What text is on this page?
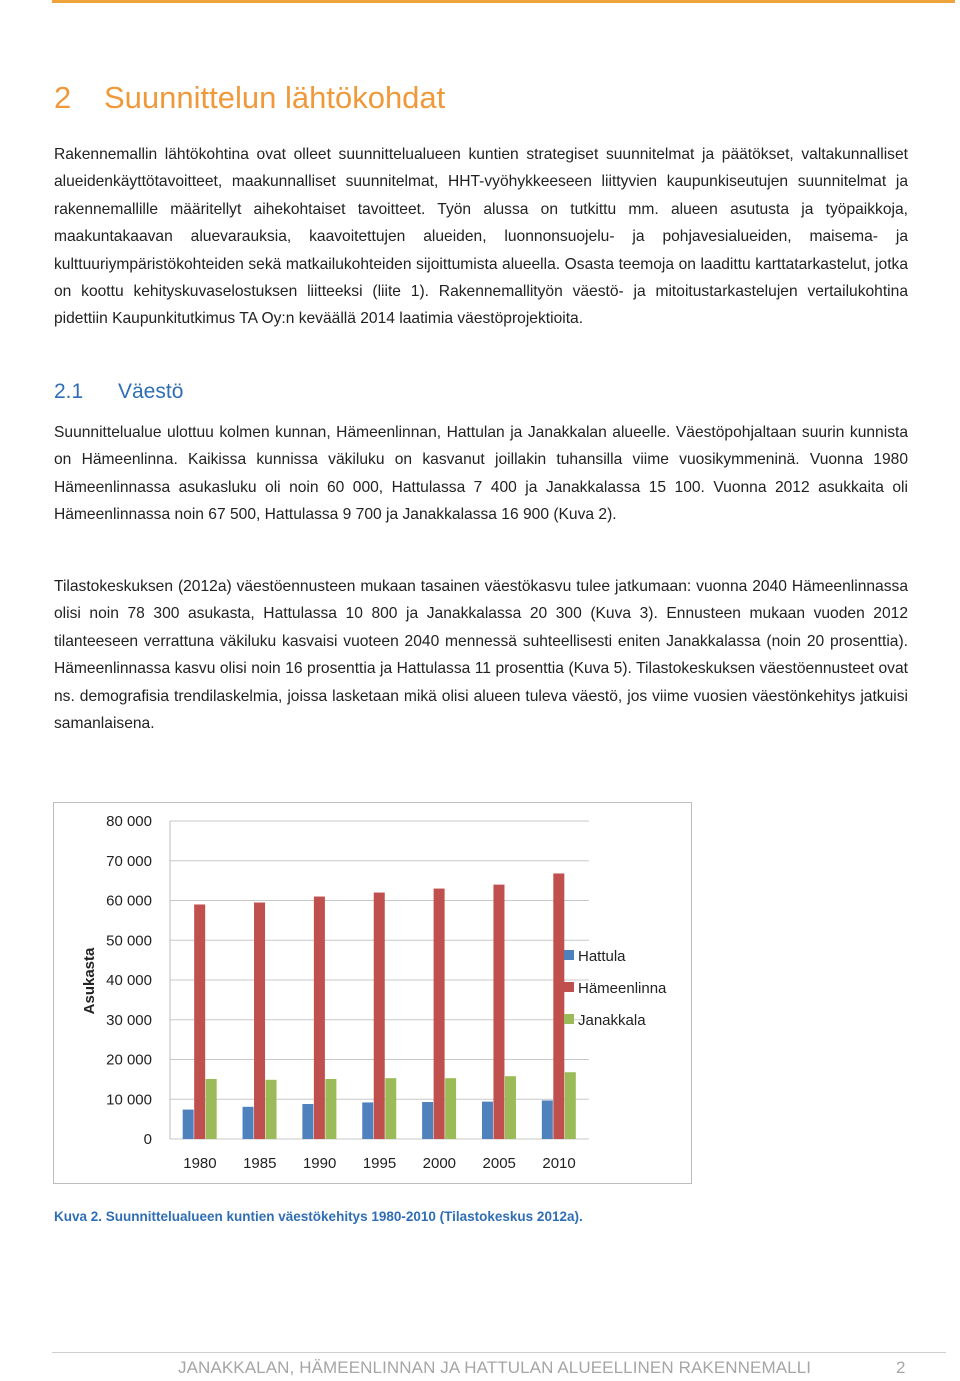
2 Suunnittelun lähtökohdat

Rakennemallin lähtökohtina ovat olleet suunnittelualueen kuntien strategiset suunnitelmat ja päätökset, valtakunnalliset alueidenkäyttötavoitteet, maakunnalliset suunnitelmat, HHT-vyöhykkeeseen liittyvien kaupunkiseutujen suunnitelmat ja rakennemallille määritellyt aihekohtaiset tavoitteet. Työn alussa on tutkittu mm. alueen asutusta ja työpaikkoja, maakuntakaavan aluevarauksia, kaavoitettujen alueiden, luonnonsuojelu- ja pohjavesialueiden, maisema- ja kulttuuriympäristökohteiden sekä matkailukohteiden sijoittumista alueella. Osasta teemoja on laadittu karttatarkastelut, jotka on koottu kehityskuvaselostuksen liitteeksi (liite 1). Rakennemallityön väestö- ja mitoitustarkastelujen vertailukohtina pidettiin Kaupunkitutkimus TA Oy:n keväällä 2014 laatimia väestöprojektioita.

2.1 Väestö

Suunnittelualue ulottuu kolmen kunnan, Hämeenlinnan, Hattulan ja Janakkalan alueelle. Väestöpohjaltaan suurin kunnista on Hämeenlinna. Kaikissa kunnissa väkiluku on kasvanut joillakin tuhansilla viime vuosikymmeninä. Vuonna 1980 Hämeenlinnassa asukasluku oli noin 60 000, Hattulassa 7 400 ja Janakkalassa 15 100. Vuonna 2012 asukkaita oli Hämeenlinnassa noin 67 500, Hattulassa 9 700 ja Janakkalassa 16 900 (Kuva 2).

Tilastokeskuksen (2012a) väestöennusteen mukaan tasainen väestökasvu tulee jatkumaan: vuonna 2040 Hämeenlinnassa olisi noin 78 300 asukasta, Hattulassa 10 800 ja Janakkalassa 20 300 (Kuva 3). Ennusteen mukaan vuoden 2012 tilanteeseen verrattuna väkiluku kasvaisi vuoteen 2040 mennessä suhteellisesti eniten Janakkalassa (noin 20 prosenttia). Hämeenlinnassa kasvu olisi noin 16 prosenttia ja Hattulassa 11 prosenttia (Kuva 5). Tilastokeskuksen väestöennusteet ovat ns. demografisia trendilaskelmia, joissa lasketaan mikä olisi alueen tuleva väestö, jos viime vuosien väestönkehitys jatkuisi samanlaisena.

0
10 000
20 000
30 000
40 000
50 000
60 000
70 000
80 000
1980 1985 1990 1995 2000 2005 2010
Asukasta	Hattula
Hämeenlinna
Janakkala

Kuva 2. Suunnittelualueen kuntien väestökehitys 1980-2010 (Tilastokeskus 2012a).

JANAKKALAN, HÄMEENLINNAN JA HATTULAN ALUEELLINEN RAKENNEMALLI	2
